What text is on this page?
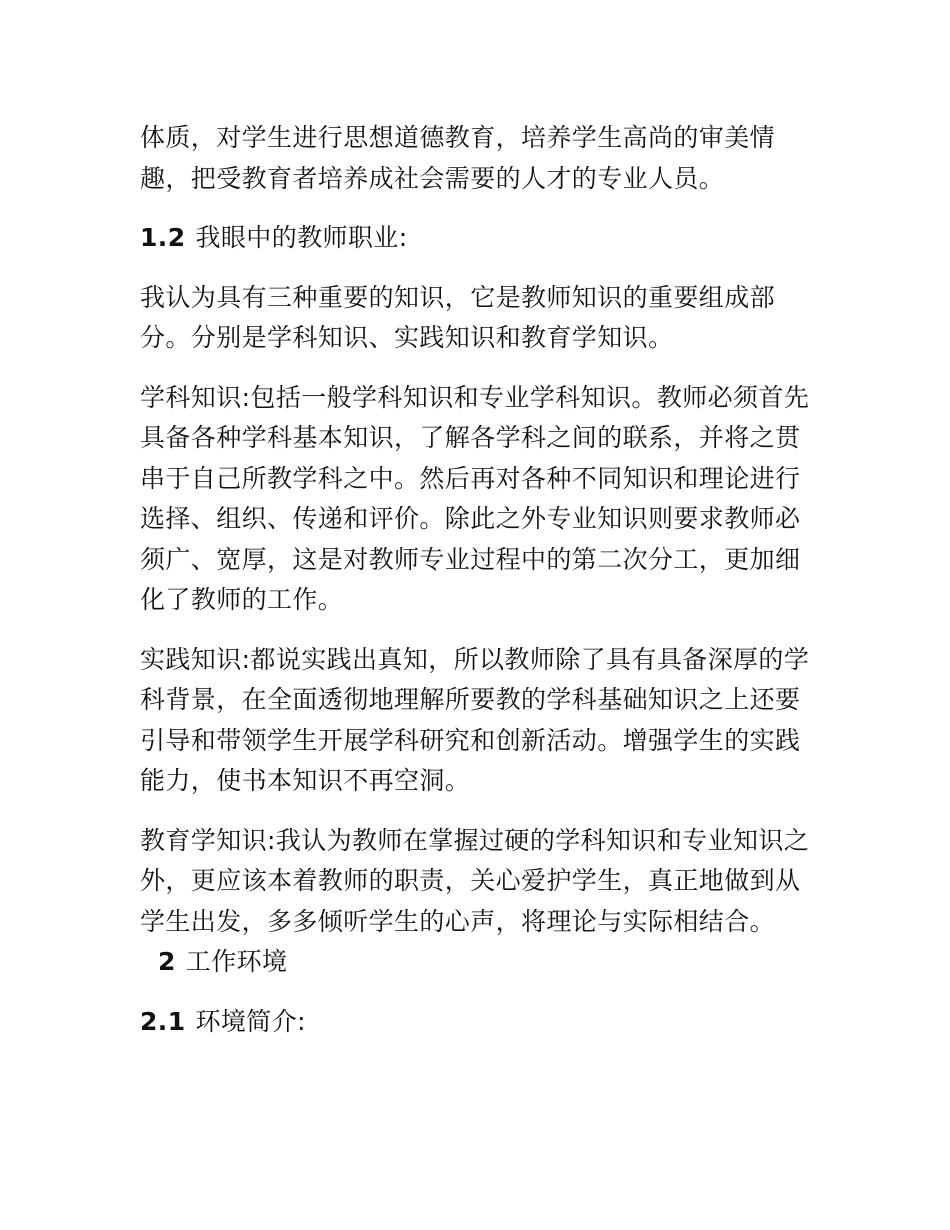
体质，对学生进行思想道德教育，培养学生高尚的审美情趣，把受教育者培养成社会需要的人才的专业人员。

1.2 我眼中的教师职业:

我认为具有三种重要的知识，它是教师知识的重要组成部分。分别是学科知识、实践知识和教育学知识。

学科知识:包括一般学科知识和专业学科知识。教师必须首先具备各种学科基本知识，了解各学科之间的联系，并将之贯串于自己所教学科之中。然后再对各种不同知识和理论进行选择、组织、传递和评价。除此之外专业知识则要求教师必须广、宽厚，这是对教师专业过程中的第二次分工，更加细化了教师的工作。

实践知识:都说实践出真知，所以教师除了具有具备深厚的学科背景，在全面透彻地理解所要教的学科基础知识之上还要引导和带领学生开展学科研究和创新活动。增强学生的实践能力，使书本知识不再空洞。

教育学知识:我认为教师在掌握过硬的学科知识和专业知识之外，更应该本着教师的职责，关心爱护学生，真正地做到从学生出发，多多倾听学生的心声，将理论与实际相结合。2 工作环境

2.1 环境简介:
